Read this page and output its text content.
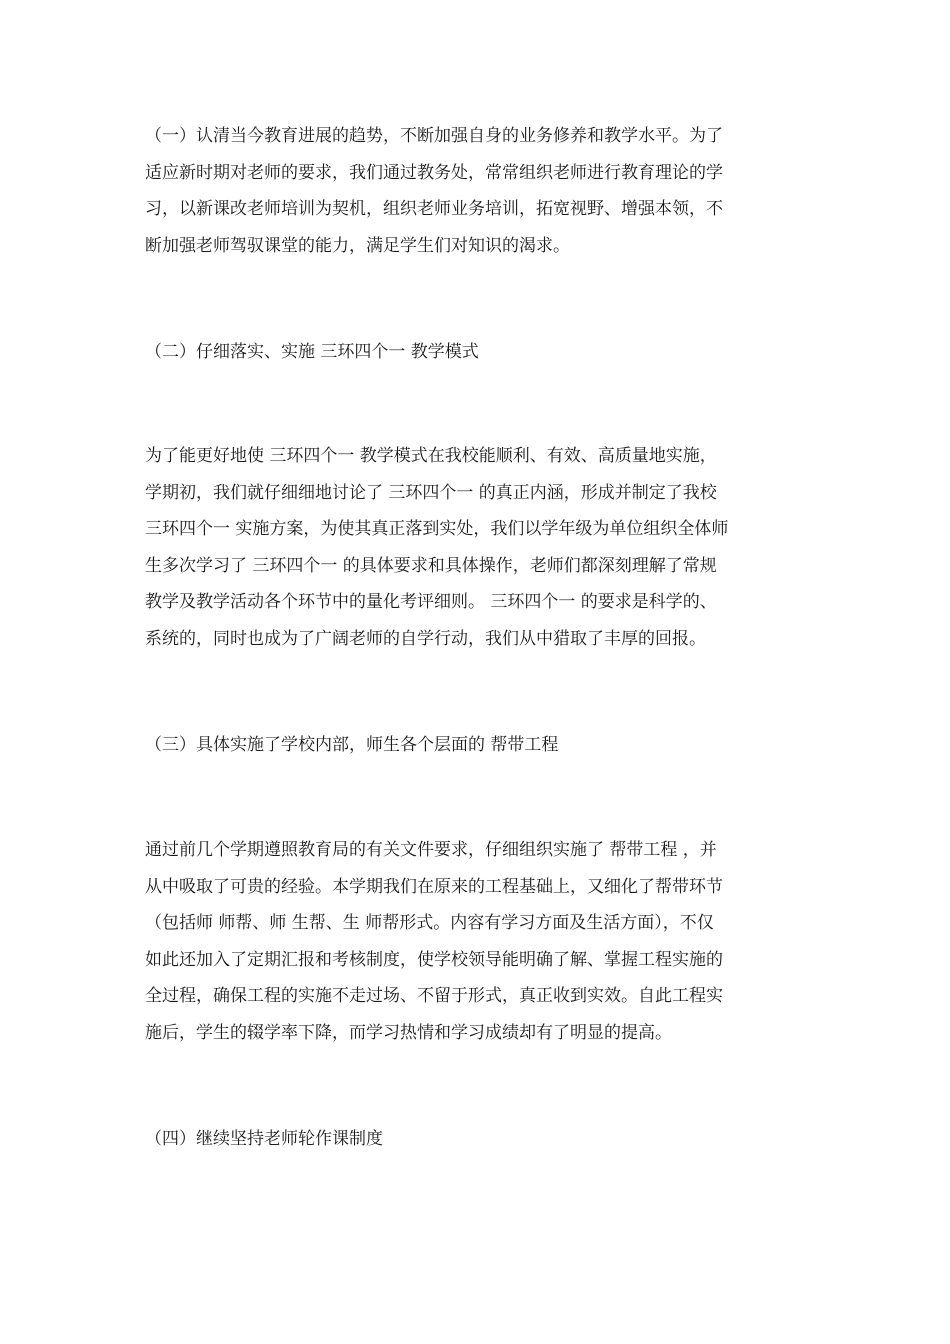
（一）认清当今教育进展的趋势，不断加强自身的业务修养和教学水平。为了
适应新时期对老师的要求，我们通过教务处，常常组织老师进行教育理论的学
习，以新课改老师培训为契机，组织老师业务培训，拓宽视野、增强本领，不
断加强老师驾驭课堂的能力，满足学生们对知识的渴求。
（二）仔细落实、实施 三环四个一 教学模式
为了能更好地使 三环四个一 教学模式在我校能顺利、有效、高质量地实施，
学期初，我们就仔细细地讨论了 三环四个一 的真正内涵，形成并制定了我校
三环四个一 实施方案，为使其真正落到实处，我们以学年级为单位组织全体师
生多次学习了 三环四个一 的具体要求和具体操作，老师们都深刻理解了常规
教学及教学活动各个环节中的量化考评细则。 三环四个一 的要求是科学的、
系统的，同时也成为了广阔老师的自学行动，我们从中猎取了丰厚的回报。
（三）具体实施了学校内部，师生各个层面的 帮带工程
通过前几个学期遵照教育局的有关文件要求，仔细组织实施了 帮带工程 ，并
从中吸取了可贵的经验。本学期我们在原来的工程基础上，又细化了帮带环节
（包括师 师帮、师 生帮、生 师帮形式。内容有学习方面及生活方面），不仅
如此还加入了定期汇报和考核制度，使学校领导能明确了解、掌握工程实施的
全过程，确保工程的实施不走过场、不留于形式，真正收到实效。自此工程实
施后，学生的辍学率下降，而学习热情和学习成绩却有了明显的提高。
（四）继续坚持老师轮作课制度
